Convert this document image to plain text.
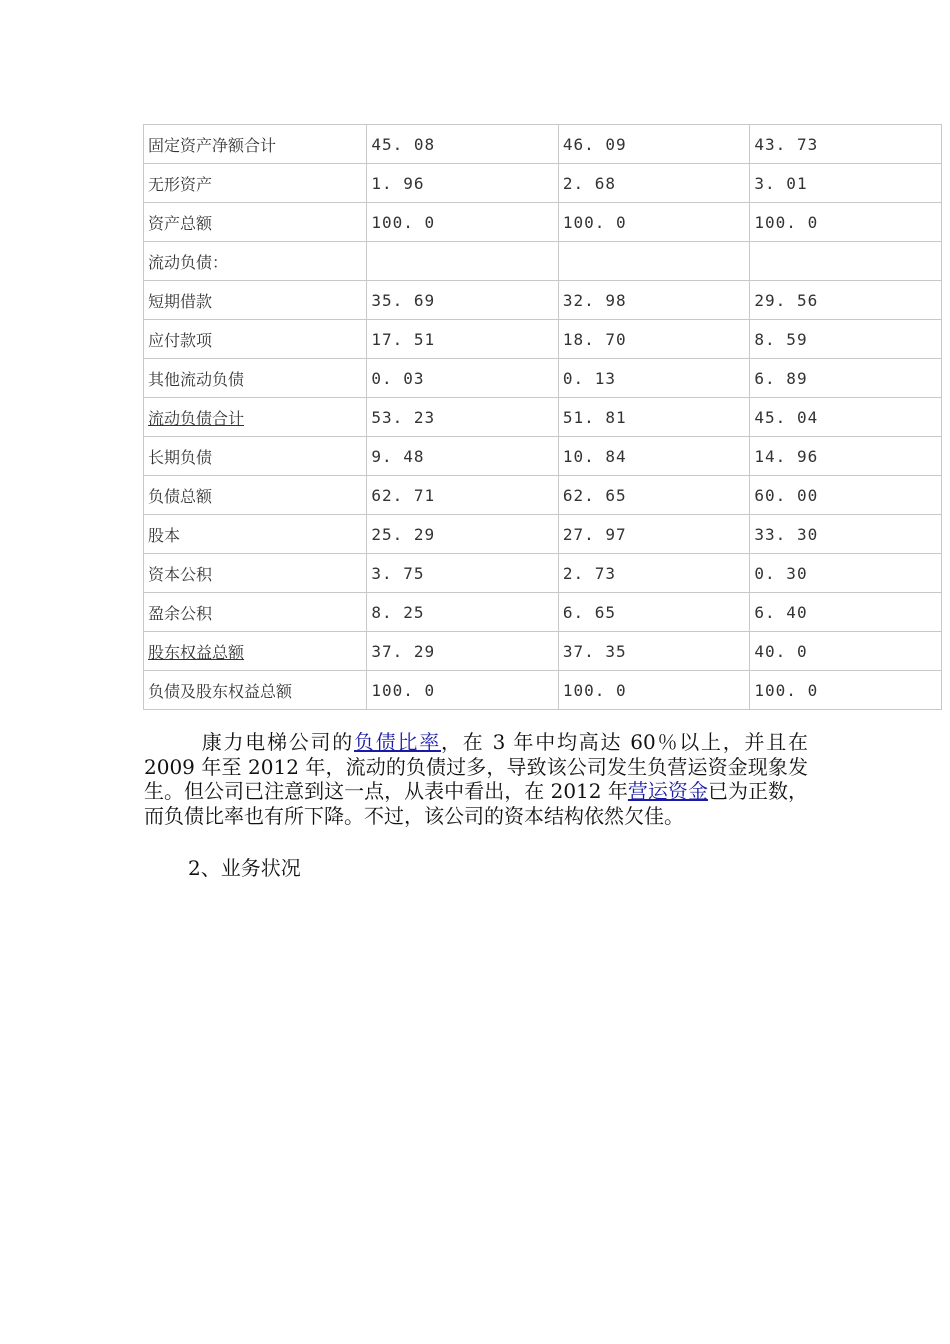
固定资产净额合计	45. 08	46. 09	43. 73
无形资产	1. 96	2. 68	3. 01
资产总额	100. 0	100. 0	100. 0
流动负债：			
短期借款	35. 69	32. 98	29. 56
应付款项	17. 51	18. 70	8. 59
其他流动负债	0. 03	0. 13	6. 89
流动负债合计	53. 23	51. 81	45. 04
长期负债	9. 48	10. 84	14. 96
负债总额	62. 71	62. 65	60. 00
股本	25. 29	27. 97	33. 30
资本公积	3. 75	2. 73	0. 30
盈余公积	8. 25	6. 65	6. 40
股东权益总额	37. 29	37. 35	40. 0
负债及股东权益总额	100. 0	100. 0	100. 0

康力电梯公司的负债比率，在 3 年中均高达 60％以上，并且在 2009 年至 2012 年，流动的负债过多，导致该公司发生负营运资金现象发生。但公司已注意到这一点，从表中看出，在 2012 年营运资金已为正数，而负债比率也有所下降。不过，该公司的资本结构依然欠佳。

2、业务状况
